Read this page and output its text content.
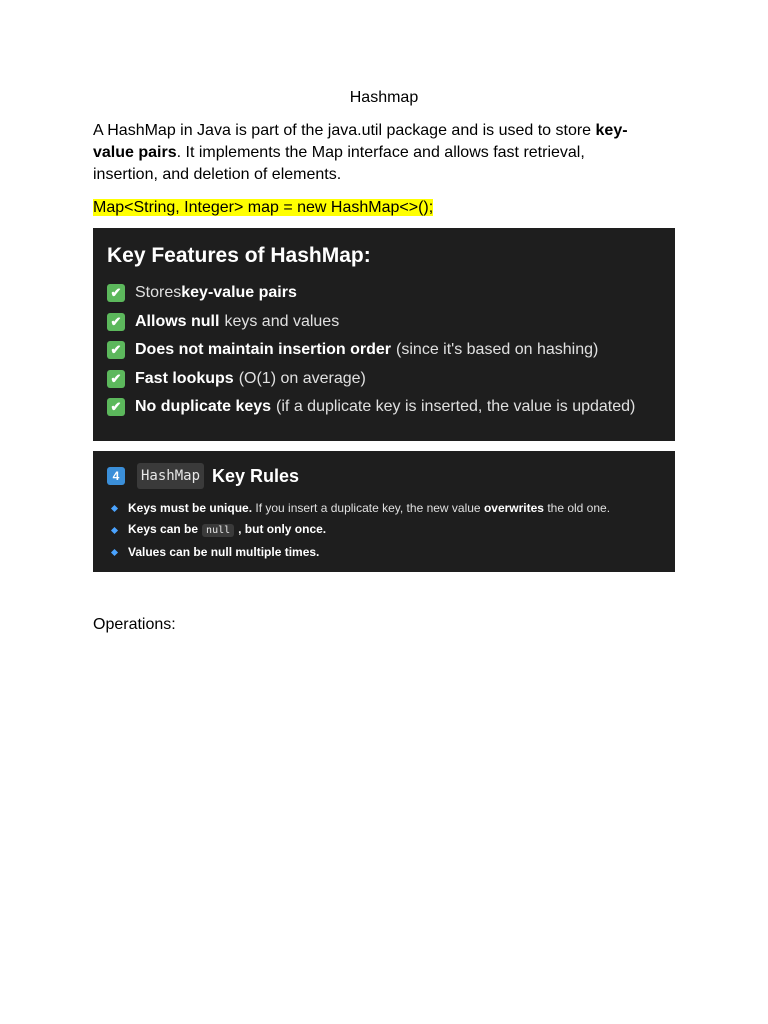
Hashmap
A HashMap in Java is part of the java.util package and is used to store key-value pairs. It implements the Map interface and allows fast retrieval, insertion, and deletion of elements.
Map<String, Integer> map = new HashMap<>();
Key Features of HashMap:
✔ Stores key-value pairs
✔ Allows null keys and values
✔ Does not maintain insertion order (since it's based on hashing)
✔ Fast lookups (O(1) on average)
✔ No duplicate keys (if a duplicate key is inserted, the value is updated)
4	HashMap Key Rules
Keys must be unique. If you insert a duplicate key, the new value overwrites the old one.
Keys can be null , but only once.
Values can be null multiple times.
Operations:
